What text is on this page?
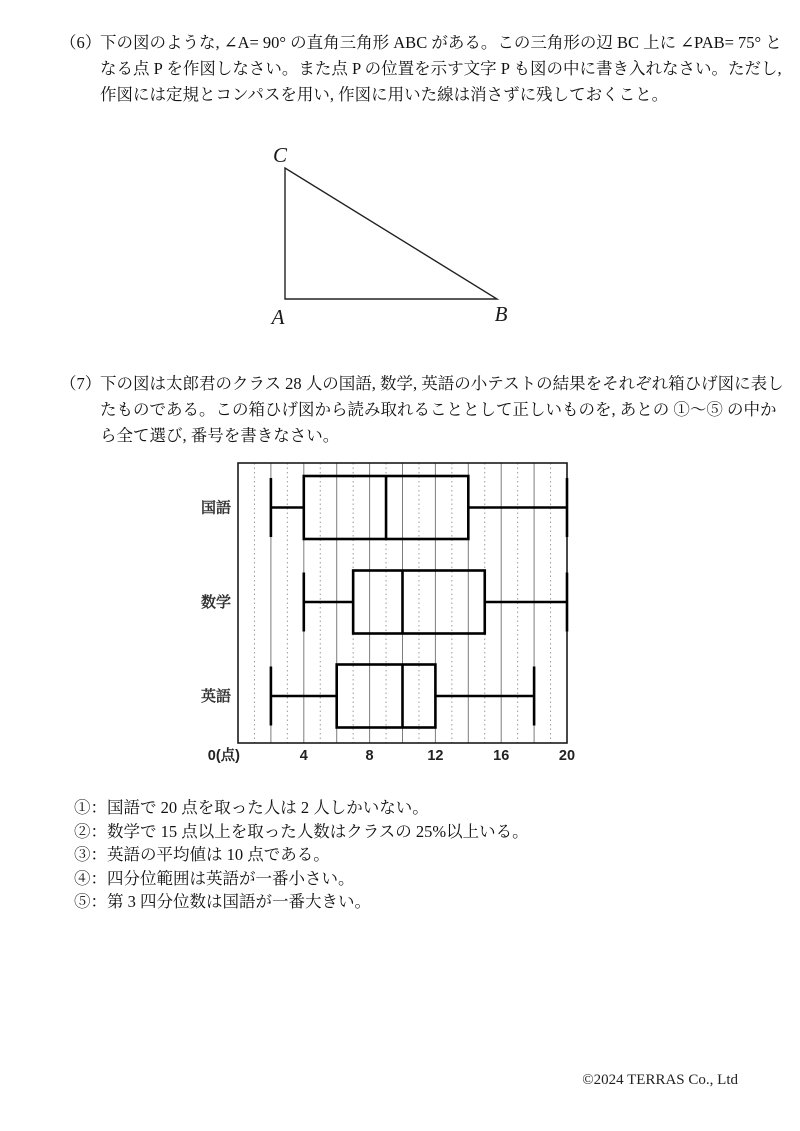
（6）
下の図のような, ∠A= 90° の直角三角形 ABC がある。この三角形の辺 BC 上に ∠PAB= 75° と
なる点 P を作図しなさい。また点 P の位置を示す文字 P も図の中に書き入れなさい。ただし,
作図には定規とコンパスを用い, 作図に用いた線は消さずに残しておくこと。
C
A	B
（7）
下の図は太郎君のクラス 28 人の国語, 数学, 英語の小テストの結果をそれぞれ箱ひげ図に表し
たものである。この箱ひげ図から読み取れることとして正しいものを, あとの ①～⑤ の中か
ら全て選び, 番号を書きなさい。
国語
数学
英語
0(点)	4	8	12	16	20
①：国語で 20 点を取った人は 2 人しかいない。
②：数学で 15 点以上を取った人数はクラスの 25%以上いる。
③：英語の平均値は 10 点である。
④：四分位範囲は英語が一番小さい。
⑤：第 3 四分位数は国語が一番大きい。
©2024 TERRAS Co., Ltd
